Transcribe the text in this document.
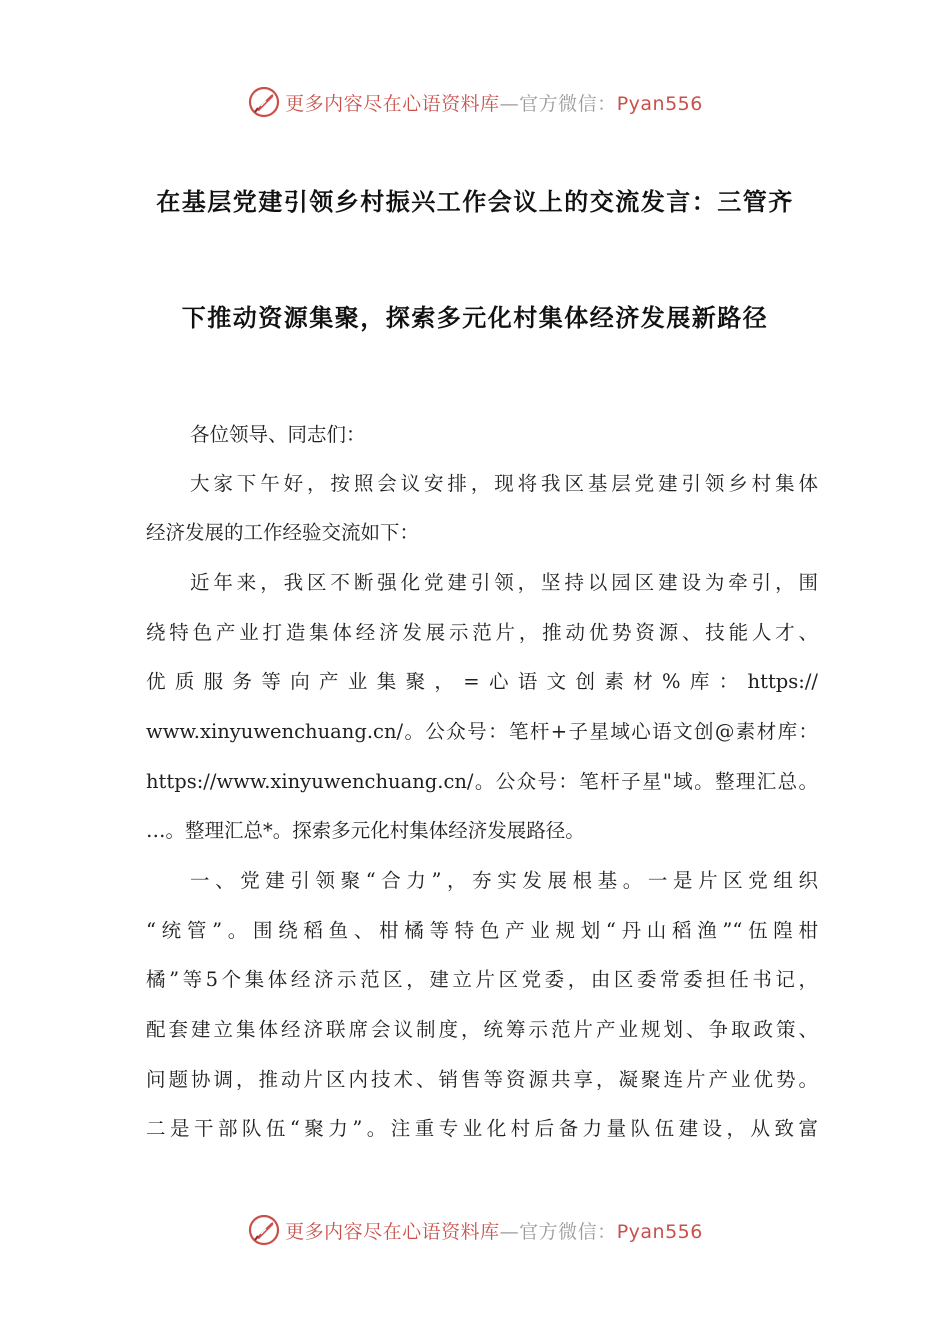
更多内容尽在心语资料库—官方微信：Pyan556
在基层党建引领乡村振兴工作会议上的交流发言：三管齐
下推动资源集聚，探索多元化村集体经济发展新路径
各位领导、同志们：
大家下午好，按照会议安排，现将我区基层党建引领乡村集体
经济发展的工作经验交流如下：
近年来，我区不断强化党建引领，坚持以园区建设为牵引，围
绕特色产业打造集体经济发展示范片，推动优势资源、技能人才、
优质服务等向产业集聚，=心语文创素材%库：https://
www.xinyuwenchuang.cn/。公众号：笔杆+子星域心语文创@素材库：
https://www.xinyuwenchuang.cn/。公众号：笔杆子星"域。整理汇总。
…。整理汇总*。探索多元化村集体经济发展路径。
一、党建引领聚“合力”，夯实发展根基。一是片区党组织
“统管”。围绕稻鱼、柑橘等特色产业规划“丹山稻渔”“伍隍柑
橘”等5个集体经济示范区，建立片区党委，由区委常委担任书记，
配套建立集体经济联席会议制度，统筹示范片产业规划、争取政策、
问题协调，推动片区内技术、销售等资源共享，凝聚连片产业优势。
二是干部队伍“聚力”。注重专业化村后备力量队伍建设，从致富
更多内容尽在心语资料库—官方微信：Pyan556
